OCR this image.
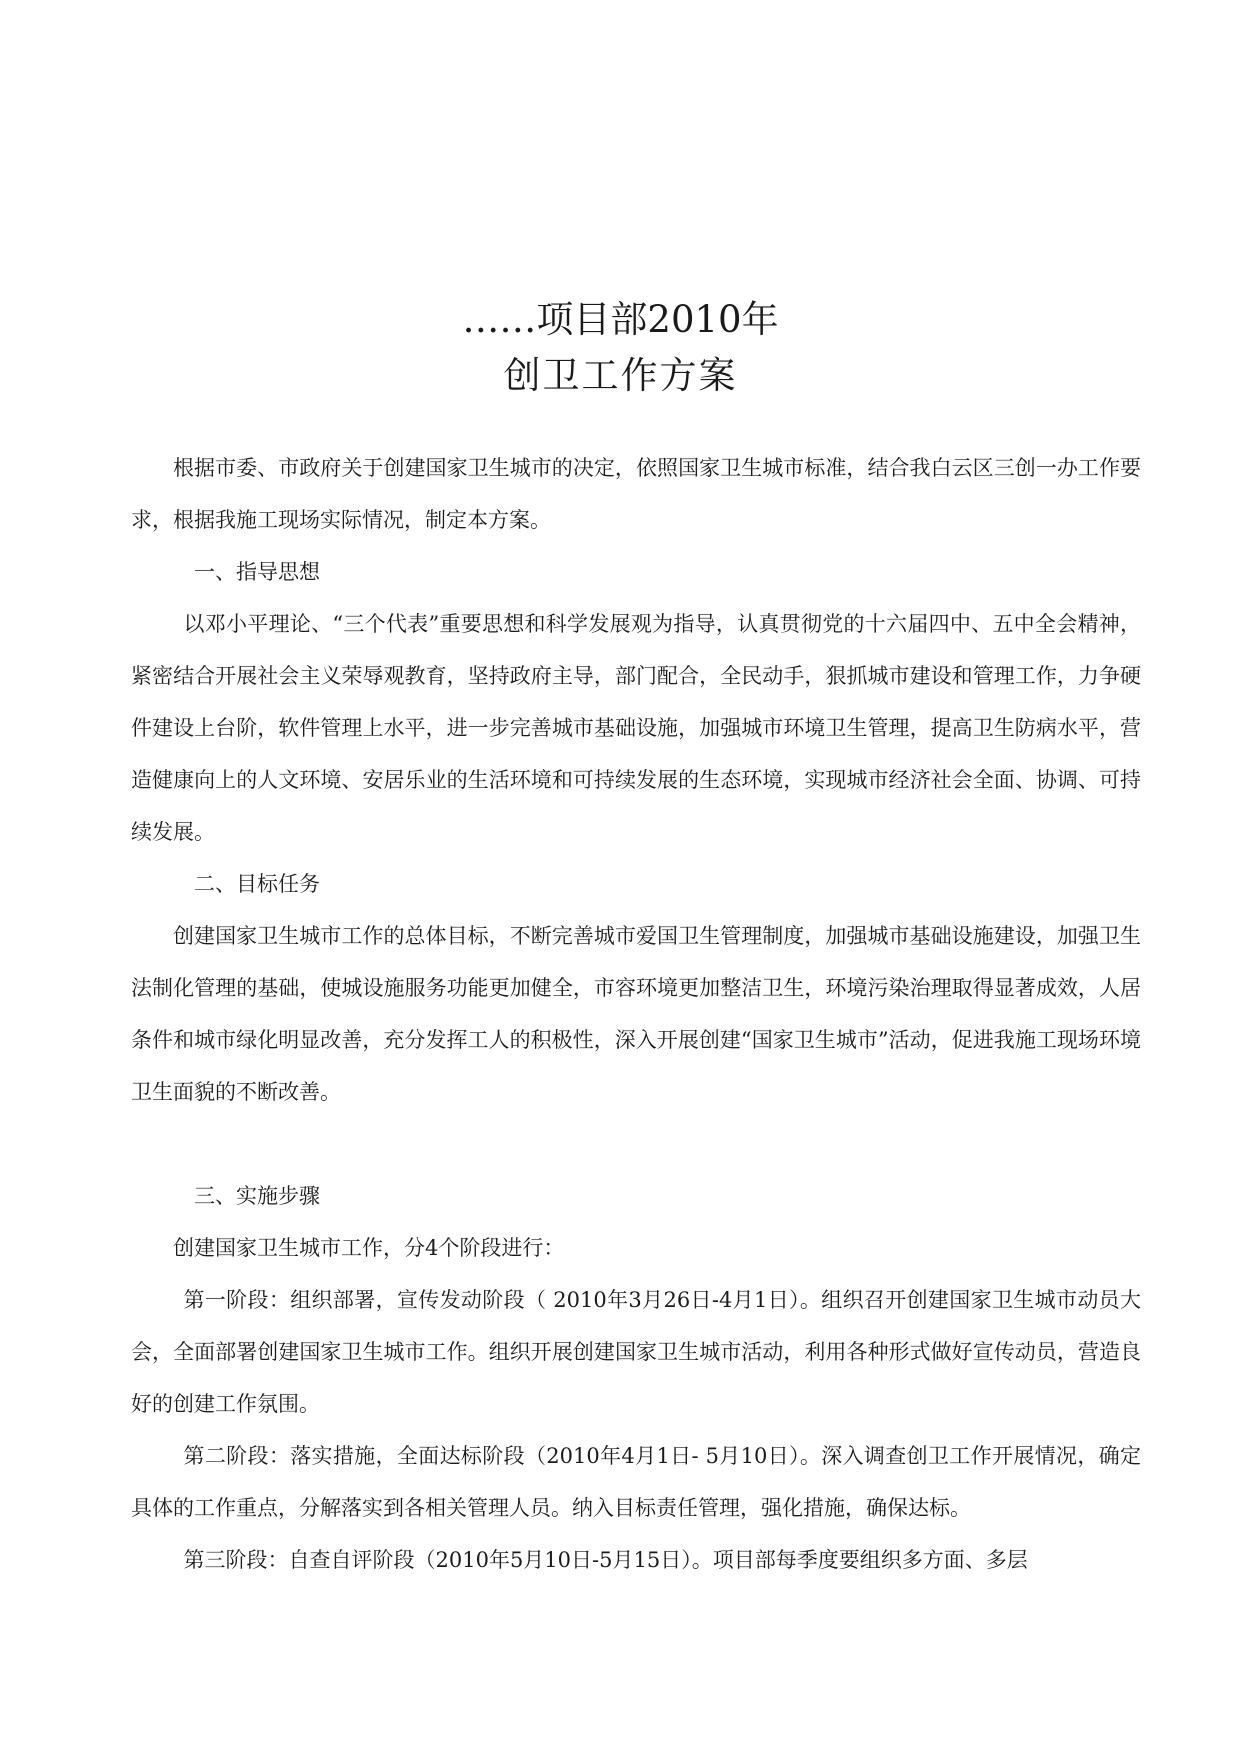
……项目部2010年
创卫工作方案

根据市委、市政府关于创建国家卫生城市的决定，依照国家卫生城市标准，结合我白云区三创一办工作要求，根据我施工现场实际情况，制定本方案。

一、指导思想

以邓小平理论、“三个代表”重要思想和科学发展观为指导，认真贯彻党的十六届四中、五中全会精神，紧密结合开展社会主义荣辱观教育，坚持政府主导，部门配合，全民动手，狠抓城市建设和管理工作，力争硬件建设上台阶，软件管理上水平，进一步完善城市基础设施，加强城市环境卫生管理，提高卫生防病水平，营造健康向上的人文环境、安居乐业的生活环境和可持续发展的生态环境，实现城市经济社会全面、协调、可持续发展。

二、目标任务

创建国家卫生城市工作的总体目标，不断完善城市爱国卫生管理制度，加强城市基础设施建设，加强卫生法制化管理的基础，使城设施服务功能更加健全，市容环境更加整洁卫生，环境污染治理取得显著成效，人居条件和城市绿化明显改善，充分发挥工人的积极性，深入开展创建“国家卫生城市”活动，促进我施工现场环境卫生面貌的不断改善。

三、实施步骤

创建国家卫生城市工作，分4个阶段进行：

第一阶段：组织部署，宣传发动阶段（ 2010年3月26日-4月1日）。组织召开创建国家卫生城市动员大会，全面部署创建国家卫生城市工作。组织开展创建国家卫生城市活动，利用各种形式做好宣传动员，营造良好的创建工作氛围。

第二阶段：落实措施，全面达标阶段（2010年4月1日- 5月10日）。深入调查创卫工作开展情况，确定具体的工作重点，分解落实到各相关管理人员。纳入目标责任管理，强化措施，确保达标。

第三阶段：自查自评阶段（2010年5月10日-5月15日）。项目部每季度要组织多方面、多层
